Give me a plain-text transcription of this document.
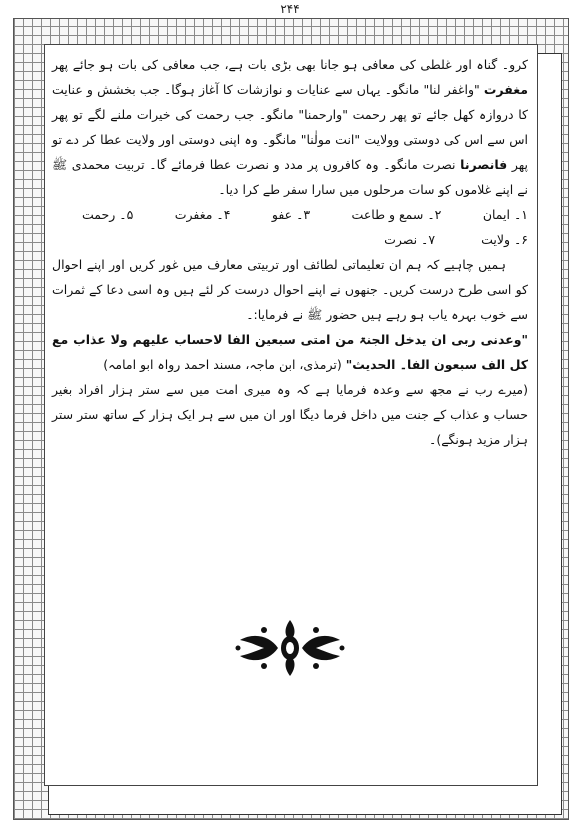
۲۴۴

کرو۔ گناہ اور غلطی کی معافی ہو جانا بھی بڑی بات ہے، جب معافی کی بات ہو جائے پھر مغفرت "واغفر لنا" مانگو۔ یہاں سے عنایات و نوازشات کا آغاز ہوگا۔ جب بخشش و عنایت کا دروازہ کھل جائے تو پھر رحمت "وارحمنا" مانگو۔ جب رحمت کی خیرات ملنے لگے تو پھر اس سے اس کی دوستی وولایت "انت مولٰنا" مانگو۔ وہ اپنی دوستی اور ولایت عطا کر دے تو پھر فانصرنا نصرت مانگو۔ وہ کافروں پر مدد و نصرت عطا فرمائے گا۔ تربیت محمدی ﷺ نے اپنے غلاموں کو سات مرحلوں میں سارا سفر طے کرا دیا۔

۱۔ ایمان
۲۔ سمع و طاعت
۳۔ عفو
۴۔ مغفرت
۵۔ رحمت
۶۔ ولایت
۷۔ نصرت

ہمیں چاہیے کہ ہم ان تعلیماتی لطائف اور تربیتی معارف میں غور کریں اور اپنے احوال کو اسی طرح درست کریں۔ جنھوں نے اپنے احوال درست کر لئے ہیں وہ اسی دعا کے ثمرات سے خوب بہرہ یاب ہو رہے ہیں حضور ﷺ نے فرمایا:۔

"وعدنی ربی ان یدخل الجنۃ من امتی سبعین الفا لاحساب علیھم ولا عذاب مع کل الف سبعون الفا۔ الحدیث" (ترمذی، ابن ماجہ، مسند احمد رواہ ابو امامہ)

(میرے رب نے مجھ سے وعدہ فرمایا ہے کہ وہ میری امت میں سے ستر ہزار افراد بغیر حساب و عذاب کے جنت میں داخل فرما دیگا اور ان میں سے ہر ایک ہزار کے ساتھ ستر ستر ہزار مزید ہونگے)۔
